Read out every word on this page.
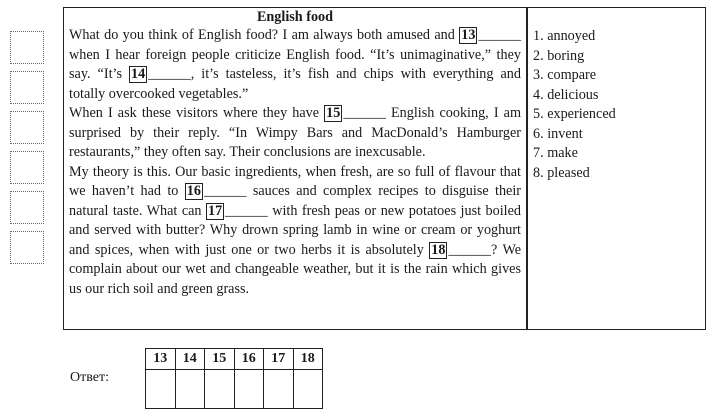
English food

What do you think of English food? I am always both amused and 13 ______ when I hear foreign people criticize English food. “It’s unimaginative,” they say. “It’s 14 ______, it’s tasteless, it’s fish and chips with everything and totally overcooked vegetables.”

When I ask these visitors where they have 15 ______ English cooking, I am surprised by their reply. “In Wimpy Bars and MacDonald’s Hamburger restaurants,” they often say. Their conclusions are inexcusable.

My theory is this. Our basic ingredients, when fresh, are so full of flavour that we haven’t had to 16 ______ sauces and complex recipes to disguise their natural taste. What can 17 ______ with fresh peas or new potatoes just boiled and served with butter? Why drown spring lamb in wine or cream or yoghurt and spices, when with just one or two herbs it is absolutely 18 ______? We complain about our wet and changeable weather, but it is the rain which gives us our rich soil and green grass.

1. annoyed
2. boring
3. compare
4. delicious
5. experienced
6. invent
7. make
8. pleased
Ответ:
13	14	15	16	17	18
